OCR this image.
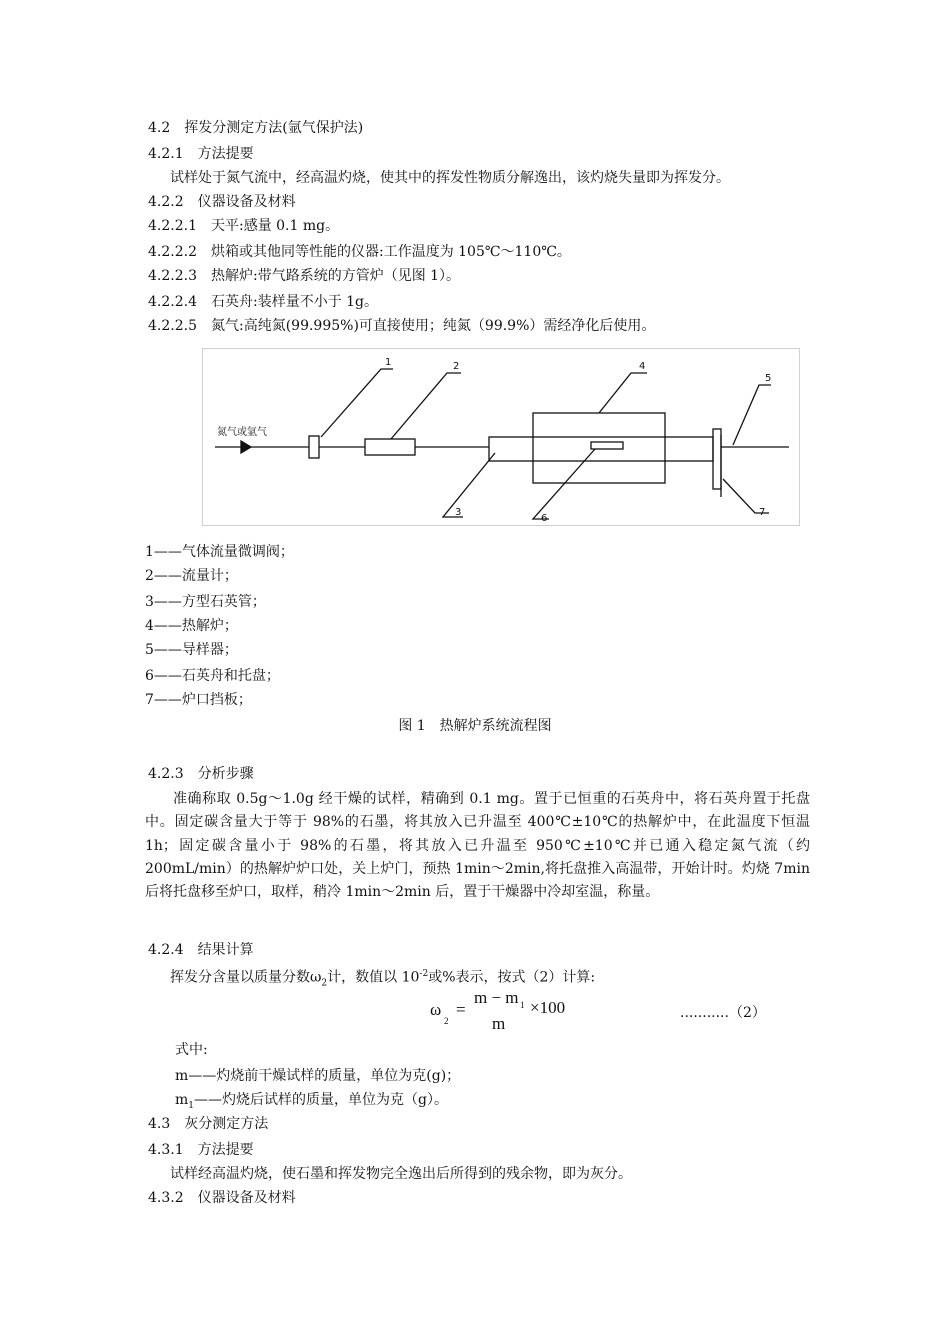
4.2　挥发分测定方法(氩气保护法)
4.2.1　方法提要
试样处于氮气流中，经高温灼烧，使其中的挥发性物质分解逸出，该灼烧失量即为挥发分。
4.2.2　仪器设备及材料
4.2.2.1　天平:感量 0.1 mg。
4.2.2.2　烘箱或其他同等性能的仪器:工作温度为 105℃～110℃。
4.2.2.3　热解炉:带气路系统的方管炉（见图 1）。
4.2.2.4　石英舟:装样量不小于 1g。
4.2.2.5　氮气:高纯氮(99.995%)可直接使用；纯氮（99.9%）需经净化后使用。
氮气或氩气
1	2
3
4
5
6
7
1——气体流量微调阀；
2——流量计；
3——方型石英管；
4——热解炉；
5——导样器；
6——石英舟和托盘；
7——炉口挡板；
图 1　热解炉系统流程图
4.2.3　分析步骤

准确称取 0.5g～1.0g 经干燥的试样，精确到 0.1 mg。置于已恒重的石英舟中，将石英舟置于托盘中。固定碳含量大于等于 98%的石墨，将其放入已升温至 400℃±10℃的热解炉中，在此温度下恒温 1h；固定碳含量小于 98%的石墨，将其放入已升温至 950℃±10℃并已通入稳定氮气流（约 200mL/min）的热解炉炉口处，关上炉门，预热 1min～2min,将托盘推入高温带，开始计时。灼烧 7min 后将托盘移至炉口，取样，稍冷 1min～2min 后，置于干燥器中冷却室温，称量。

4.2.4　结果计算
挥发分含量以质量分数$\omega_2$计，数值以 $10^{-2}$或%表示，按式（2）计算:
ω
2
=
m − m 1 ×100
m
...........（2）
式中:
m——灼烧前干燥试样的质量，单位为克(g)；
$m_1——$灼烧后试样的质量，单位为克（g）。
4.3　灰分测定方法
4.3.1　方法提要
试样经高温灼烧，使石墨和挥发物完全逸出后所得到的残余物，即为灰分。
4.3.2　仪器设备及材料
